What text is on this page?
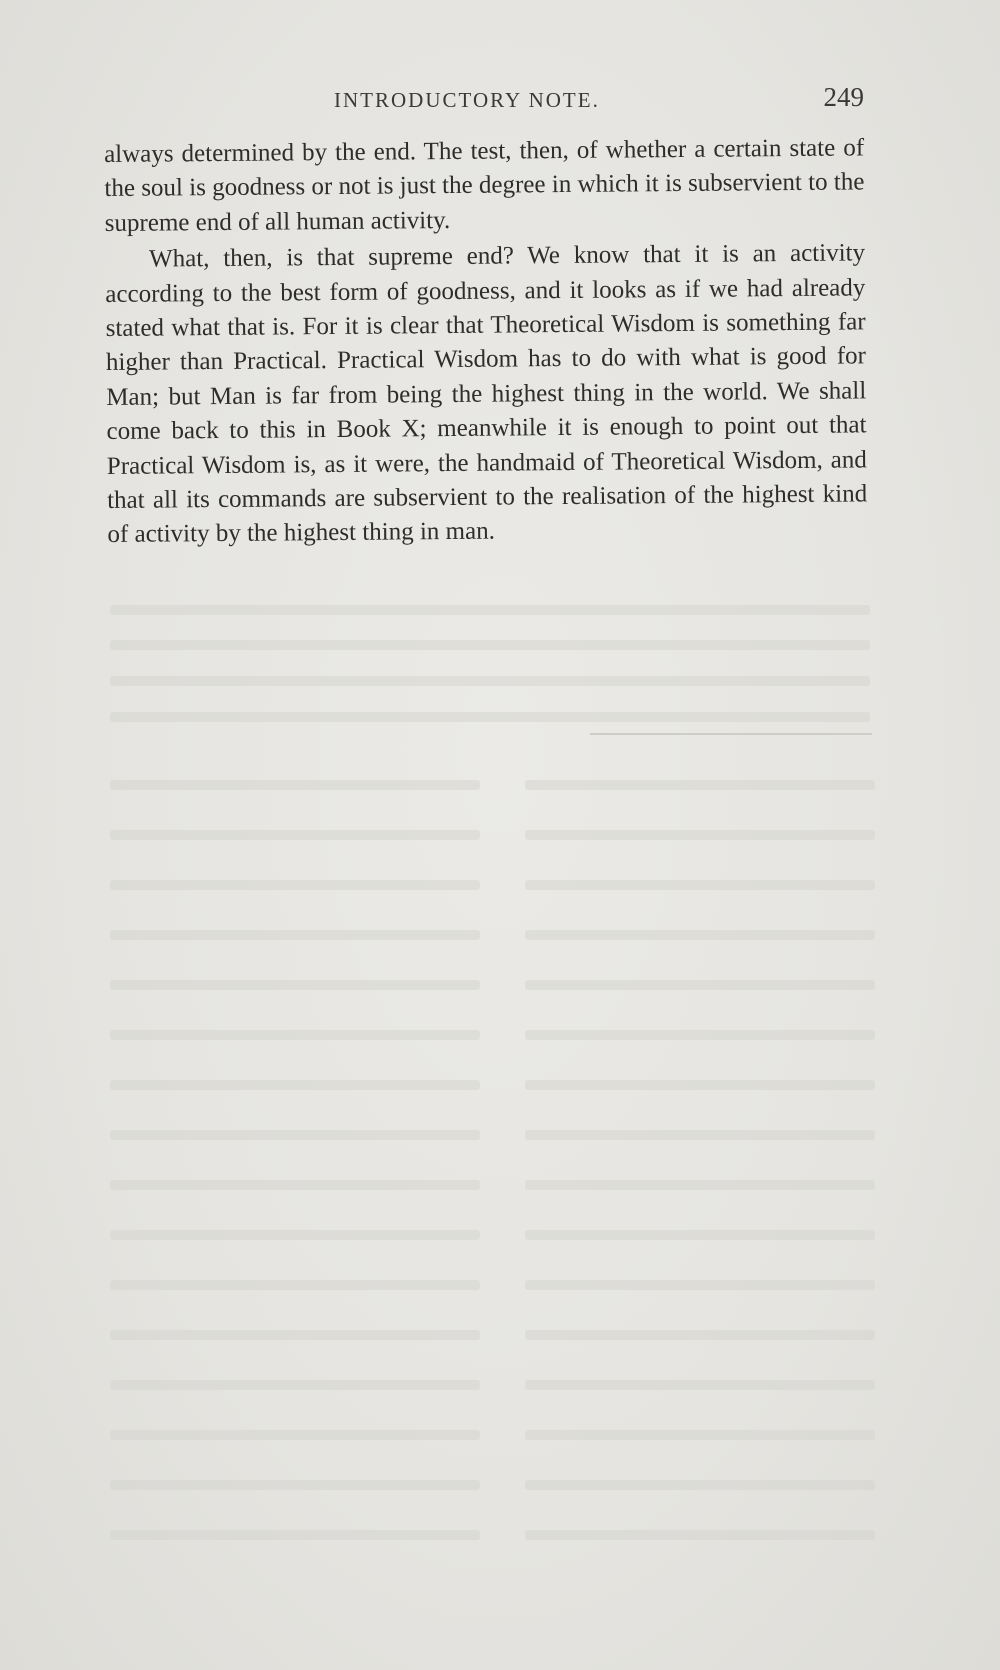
INTRODUCTORY NOTE.	249

always determined by the end. The test, then, of whether a certain state of the soul is goodness or not is just the degree in which it is subservient to the supreme end of all human activity.

What, then, is that supreme end? We know that it is an activity according to the best form of goodness, and it looks as if we had already stated what that is. For it is clear that Theoretical Wisdom is something far higher than Practical. Practical Wisdom has to do with what is good for Man; but Man is far from being the highest thing in the world. We shall come back to this in Book X; meanwhile it is enough to point out that Practical Wisdom is, as it were, the handmaid of Theoretical Wisdom, and that all its commands are subservient to the realisation of the highest kind of activity by the highest thing in man.
